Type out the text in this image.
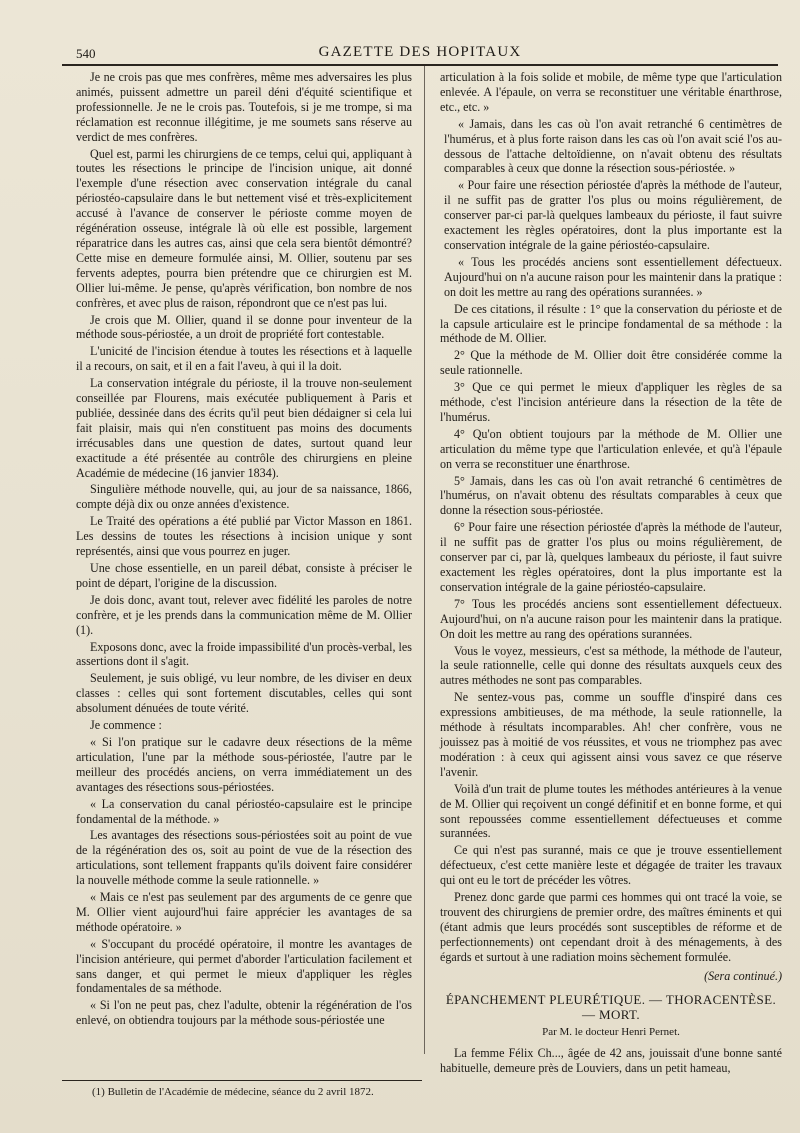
540	GAZETTE DES HOPITAUX

Je ne crois pas que mes confrères, même mes adversaires les plus animés, puissent admettre un pareil déni d'équité scientifique et professionnelle. Je ne le crois pas. Toutefois, si je me trompe, si ma réclamation est reconnue illégitime, je me soumets sans réserve au verdict de mes confrères.

Quel est, parmi les chirurgiens de ce temps, celui qui, appliquant à toutes les résections le principe de l'incision unique, ait donné l'exemple d'une résection avec conservation intégrale du canal périostéo-capsulaire dans le but nettement visé et très-explicitement accusé à l'avance de conserver le périoste comme moyen de régénération osseuse, intégrale là où elle est possible, largement réparatrice dans les autres cas, ainsi que cela sera bientôt démontré? Cette mise en demeure formulée ainsi, M. Ollier, soutenu par ses fervents adeptes, pourra bien prétendre que ce chirurgien est M. Ollier lui-même. Je pense, qu'après vérification, bon nombre de nos confrères, et avec plus de raison, répondront que ce n'est pas lui.

Je crois que M. Ollier, quand il se donne pour inventeur de la méthode sous-périostée, a un droit de propriété fort contestable.

L'unicité de l'incision étendue à toutes les résections et à laquelle il a recours, on sait, et il en a fait l'aveu, à qui il la doit.

La conservation intégrale du périoste, il la trouve non-seulement conseillée par Flourens, mais exécutée publiquement à Paris et publiée, dessinée dans des écrits qu'il peut bien dédaigner si cela lui fait plaisir, mais qui n'en constituent pas moins des documents irrécusables dans une question de dates, surtout quand leur exactitude a été présentée au contrôle des chirurgiens en pleine Académie de médecine (16 janvier 1834).

Singulière méthode nouvelle, qui, au jour de sa naissance, 1866, compte déjà dix ou onze années d'existence.

Le Traité des opérations a été publié par Victor Masson en 1861. Les dessins de toutes les résections à incision unique y sont représentés, ainsi que vous pourrez en juger.

Une chose essentielle, en un pareil débat, consiste à préciser le point de départ, l'origine de la discussion.

Je dois donc, avant tout, relever avec fidélité les paroles de notre confrère, et je les prends dans la communication même de M. Ollier (1).

Exposons donc, avec la froide impassibilité d'un procès-verbal, les assertions dont il s'agit.

Seulement, je suis obligé, vu leur nombre, de les diviser en deux classes : celles qui sont fortement discutables, celles qui sont absolument dénuées de toute vérité.

Je commence :

« Si l'on pratique sur le cadavre deux résections de la même articulation, l'une par la méthode sous-périostée, l'autre par le meilleur des procédés anciens, on verra immédiatement un des avantages des résections sous-périostées.

« La conservation du canal périostéo-capsulaire est le principe fondamental de la méthode. »

Les avantages des résections sous-périostées soit au point de vue de la régénération des os, soit au point de vue de la résection des articulations, sont tellement frappants qu'ils doivent faire considérer la nouvelle méthode comme la seule rationnelle. »

« Mais ce n'est pas seulement par des arguments de ce genre que M. Ollier vient aujourd'hui faire apprécier les avantages de sa méthode opératoire. »

« S'occupant du procédé opératoire, il montre les avantages de l'incision antérieure, qui permet d'aborder l'articulation facilement et sans danger, et qui permet le mieux d'appliquer les règles fondamentales de sa méthode.

« Si l'on ne peut pas, chez l'adulte, obtenir la régénération de l'os enlevé, on obtiendra toujours par la méthode sous-périostée une

articulation à la fois solide et mobile, de même type que l'articulation enlevée. A l'épaule, on verra se reconstituer une véritable énarthrose, etc., etc. »

« Jamais, dans les cas où l'on avait retranché 6 centimètres de l'humérus, et à plus forte raison dans les cas où l'on avait scié l'os au-dessous de l'attache deltoïdienne, on n'avait obtenu des résultats comparables à ceux que donne la résection sous-périostée. »

« Pour faire une résection périostée d'après la méthode de l'auteur, il ne suffit pas de gratter l'os plus ou moins régulièrement, de conserver par-ci par-là quelques lambeaux du périoste, il faut suivre exactement les règles opératoires, dont la plus importante est la conservation intégrale de la gaine périostéo-capsulaire.

« Tous les procédés anciens sont essentiellement défectueux. Aujourd'hui on n'a aucune raison pour les maintenir dans la pratique : on doit les mettre au rang des opérations surannées. »

De ces citations, il résulte : 1° que la conservation du périoste et de la capsule articulaire est le principe fondamental de sa méthode : la méthode de M. Ollier.

2° Que la méthode de M. Ollier doit être considérée comme la seule rationnelle.

3° Que ce qui permet le mieux d'appliquer les règles de sa méthode, c'est l'incision antérieure dans la résection de la tête de l'humérus.

4° Qu'on obtient toujours par la méthode de M. Ollier une articulation du même type que l'articulation enlevée, et qu'à l'épaule on verra se reconstituer une énarthrose.

5° Jamais, dans les cas où l'on avait retranché 6 centimètres de l'humérus, on n'avait obtenu des résultats comparables à ceux que donne la résection sous-périostée.

6° Pour faire une résection périostée d'après la méthode de l'auteur, il ne suffit pas de gratter l'os plus ou moins régulièrement, de conserver par ci, par là, quelques lambeaux du périoste, il faut suivre exactement les règles opératoires, dont la plus importante est la conservation intégrale de la gaine périostéo-capsulaire.

7° Tous les procédés anciens sont essentiellement défectueux. Aujourd'hui, on n'a aucune raison pour les maintenir dans la pratique. On doit les mettre au rang des opérations surannées.

Vous le voyez, messieurs, c'est sa méthode, la méthode de l'auteur, la seule rationnelle, celle qui donne des résultats auxquels ceux des autres méthodes ne sont pas comparables.

Ne sentez-vous pas, comme un souffle d'inspiré dans ces expressions ambitieuses, de ma méthode, la seule rationnelle, la méthode à résultats incomparables. Ah! cher confrère, vous ne jouissez pas à moitié de vos réussites, et vous ne triomphez pas avec modération : à ceux qui agissent ainsi vous savez ce que réserve l'avenir.

Voilà d'un trait de plume toutes les méthodes antérieures à la venue de M. Ollier qui reçoivent un congé définitif et en bonne forme, et qui sont repoussées comme essentiellement défectueuses et comme surannées.

Ce qui n'est pas suranné, mais ce que je trouve essentiellement défectueux, c'est cette manière leste et dégagée de traiter les travaux qui ont eu le tort de précéder les vôtres.

Prenez donc garde que parmi ces hommes qui ont tracé la voie, se trouvent des chirurgiens de premier ordre, des maîtres éminents et qui (étant admis que leurs procédés sont susceptibles de réforme et de perfectionnements) ont cependant droit à des ménagements, à des égards et surtout à une radiation moins sèchement formulée.

(Sera continué.)
ÉPANCHEMENT PLEURÉTIQUE. — THORACENTÈSE. — MORT.
Par M. le docteur Henri Pernet.

La femme Félix Ch..., âgée de 42 ans, jouissait d'une bonne santé habituelle, demeure près de Louviers, dans un petit hameau,

(1) Bulletin de l'Académie de médecine, séance du 2 avril 1872.
